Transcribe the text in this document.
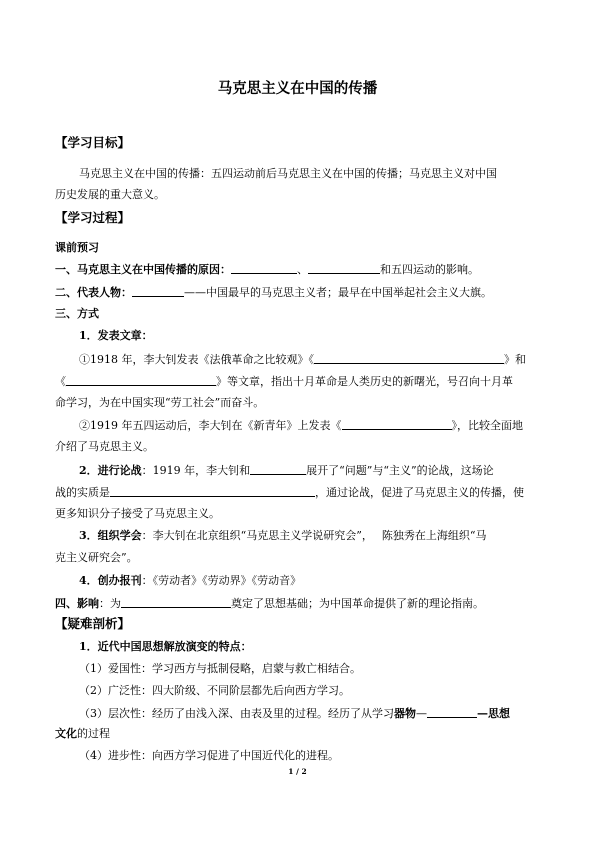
马克思主义在中国的传播
【学习目标】
马克思主义在中国的传播：五四运动前后马克思主义在中国的传播；马克思主义对中国
历史发展的重大意义。
【学习过程】
课前预习
一、马克思主义在中国传播的原因：	、	和五四运动的影响。
二、代表人物：	——中国最早的马克思主义者；最早在中国举起社会主义大旗。
三、方式
1．发表文章：
①1918 年，李大钊发表《法俄革命之比较观》《	》和
《	》等文章，指出十月革命是人类历史的新曙光，号召向十月革
命学习，为在中国实现“劳工社会”而奋斗。
②1919 年五四运动后，李大钊在《新青年》上发表《	》，比较全面地
介绍了马克思主义。
2．进行论战：1919 年，李大钊和	展开了“问题”与“主义”的论战，这场论
战的实质是	，通过论战，促进了马克思主义的传播，使
更多知识分子接受了马克思主义。
3．组织学会：李大钊在北京组织“马克思主义学说研究会”，　 陈独秀在上海组织“马
克主义研究会”。
4．创办报刊：《劳动者》《劳动界》《劳动音》
四、影响：为	奠定了思想基础；为中国革命提供了新的理论指南。
【疑难剖析】
1．近代中国思想解放演变的特点：
（1）爱国性：学习西方与抵制侵略，启蒙与救亡相结合。
（2）广泛性：四大阶级、不同阶层都先后向西方学习。
（3）层次性：经历了由浅入深、由表及里的过程。经历了从学习器物—	—思想
文化的过程
（4）进步性：向西方学习促进了中国近代化的进程。
1 / 2
